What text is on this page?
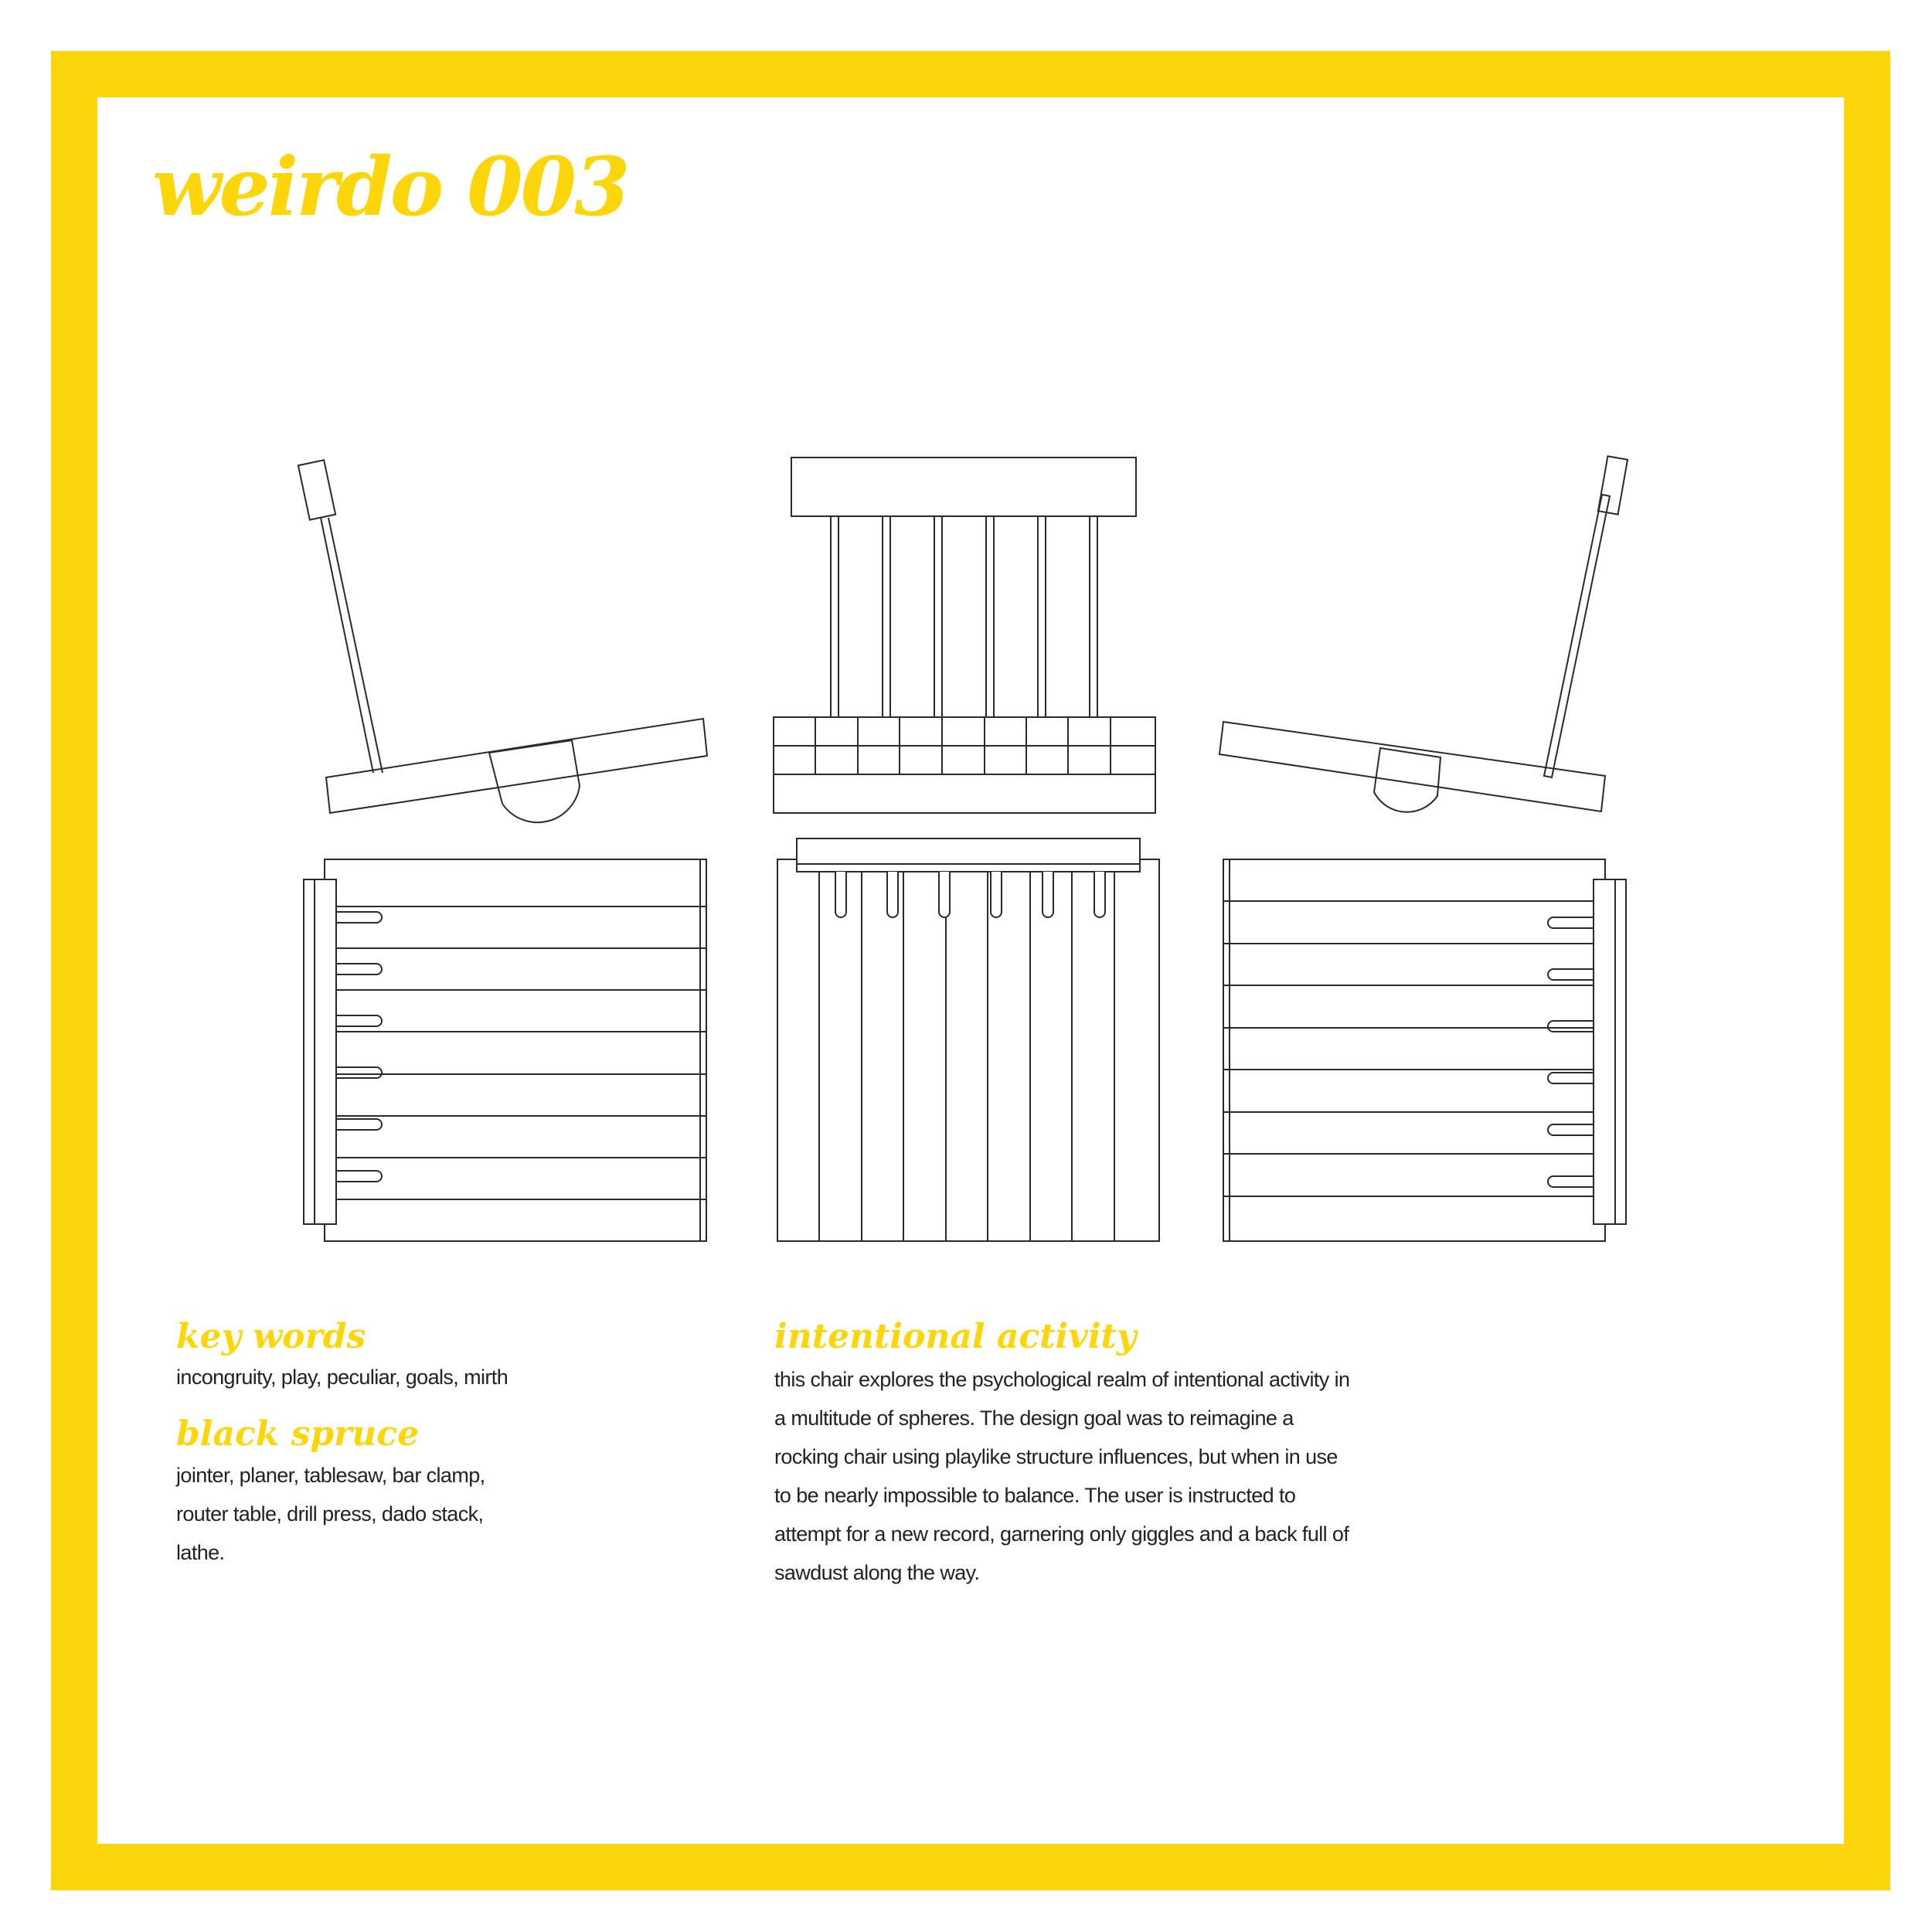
weirdo 003
key words

incongruity, play, peculiar, goals, mirth

black spruce

jointer, planer, tablesaw, bar clamp,
router table, drill press, dado stack,
lathe.

intentional activity

this chair explores the psychological realm of intentional activity in
a multitude of spheres. The design goal was to reimagine a
rocking chair using playlike structure influences, but when in use
to be nearly impossible to balance. The user is instructed to
attempt for a new record, garnering only giggles and a back full of
sawdust along the way.
